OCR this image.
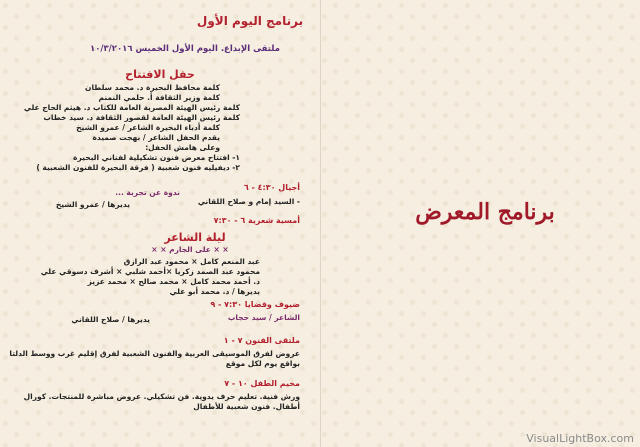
برنامج اليوم الأول
ملتقى الإبداع. اليوم الأول الخميس ١٠/٣/٢٠١٦
حفل الافتتاح
كلمة محافظ البحيرة د. محمد سلطان
كلمة وزير الثقافة أ. حلمي النمنم
كلمة رئيس الهيئة المصرية العامة للكتاب د. هيثم الحاج علي
كلمة رئيس الهيئة العامة لقصور الثقافة د. سيد خطاب
كلمة أدباء البحيرة الشاعر / عمرو الشيخ
يقدم الحفل الشاعر / بهجت صميدة
وعلى هامش الحفل:
١- افتتاح معرض فنون تشكيلية لفناني البحيرة
٢- ديفيليه فنون شعبية ( فرقة البحيرة للفنون الشعبية )
أجيال ٤:٣٠ - ٦
ندوة عن تجربة ...
- السيد إمام و صلاح اللقاني
يديرها / عمرو الشيخ
أمسية شعرية ٦ - ٧:٣٠
ليلة الشاعر
× × على الجارم × ×
عبد المنعم كامل × محمود عبد الرازق
محمود عبد الصمد زكريا ×أحمد شلبي × أشرف دسوقي علي
د. أحمد محمد كامل × محمد صالح × محمد عزيز
يديرها / د. محمد أبو علي
ضيوف وقضايا ٧:٣٠ - ٩
الشاعر / سيد حجاب
يديرها / صلاح اللقاني
ملتقى الفنون ٧ - ١
عروض لفرق الموسيقى العربية والفنون الشعبية لفرق إقليم غرب ووسط الدلتا
بواقع يوم لكل موقع
مخيم الطفل ١٠ - ٧
ورش فنية. تعليم حرف يدوية. فن تشكيلي. عروض مباشرة للمنتجات. كورال
أطفال. فنون شعبية للأطفال
برنامج المعرض
VisualLightBox.com
